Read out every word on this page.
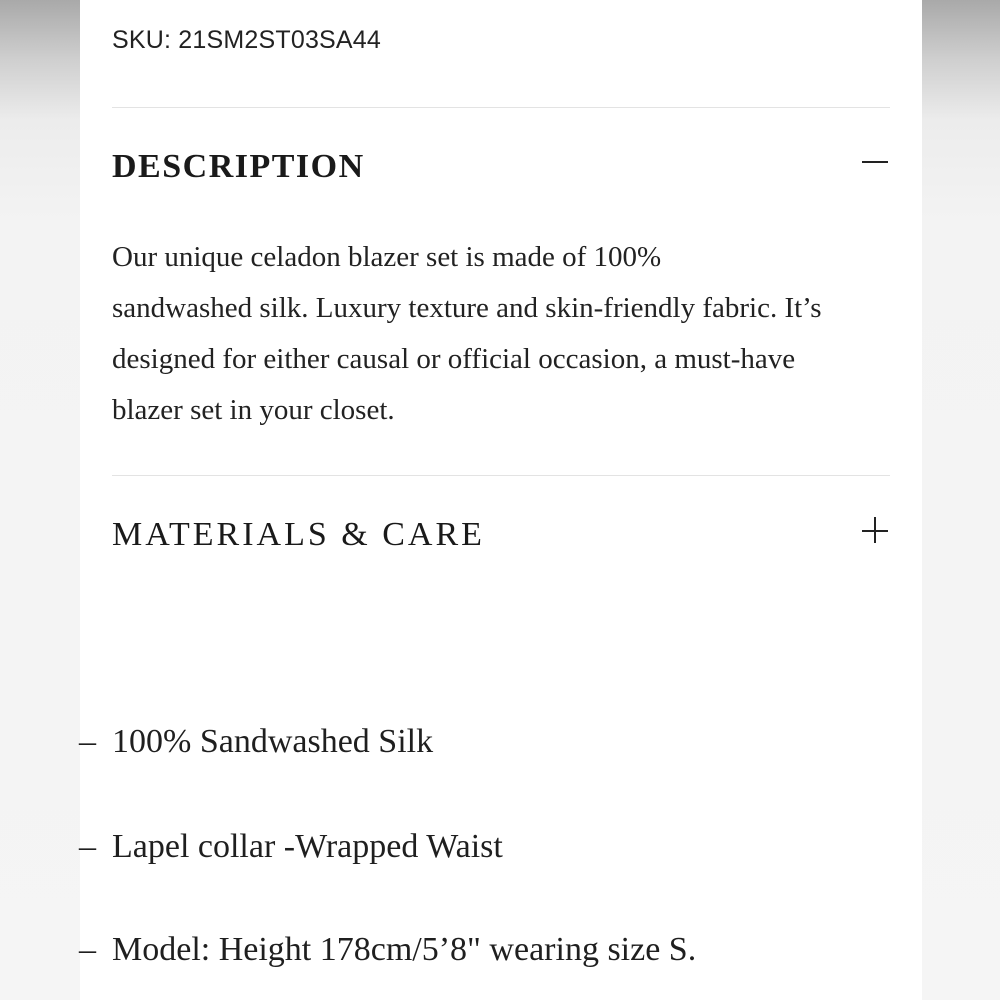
SKU: 21SM2ST03SA44
DESCRIPTION
Our unique celadon blazer set is made of 100%
sandwashed silk. Luxury texture and skin-friendly fabric. It’s
designed for either causal or official occasion, a must-have
blazer set in your closet.
MATERIALS & CARE
– 100% Sandwashed Silk
– Lapel collar -Wrapped Waist
– Model: Height 178cm/5’8" wearing size S.
